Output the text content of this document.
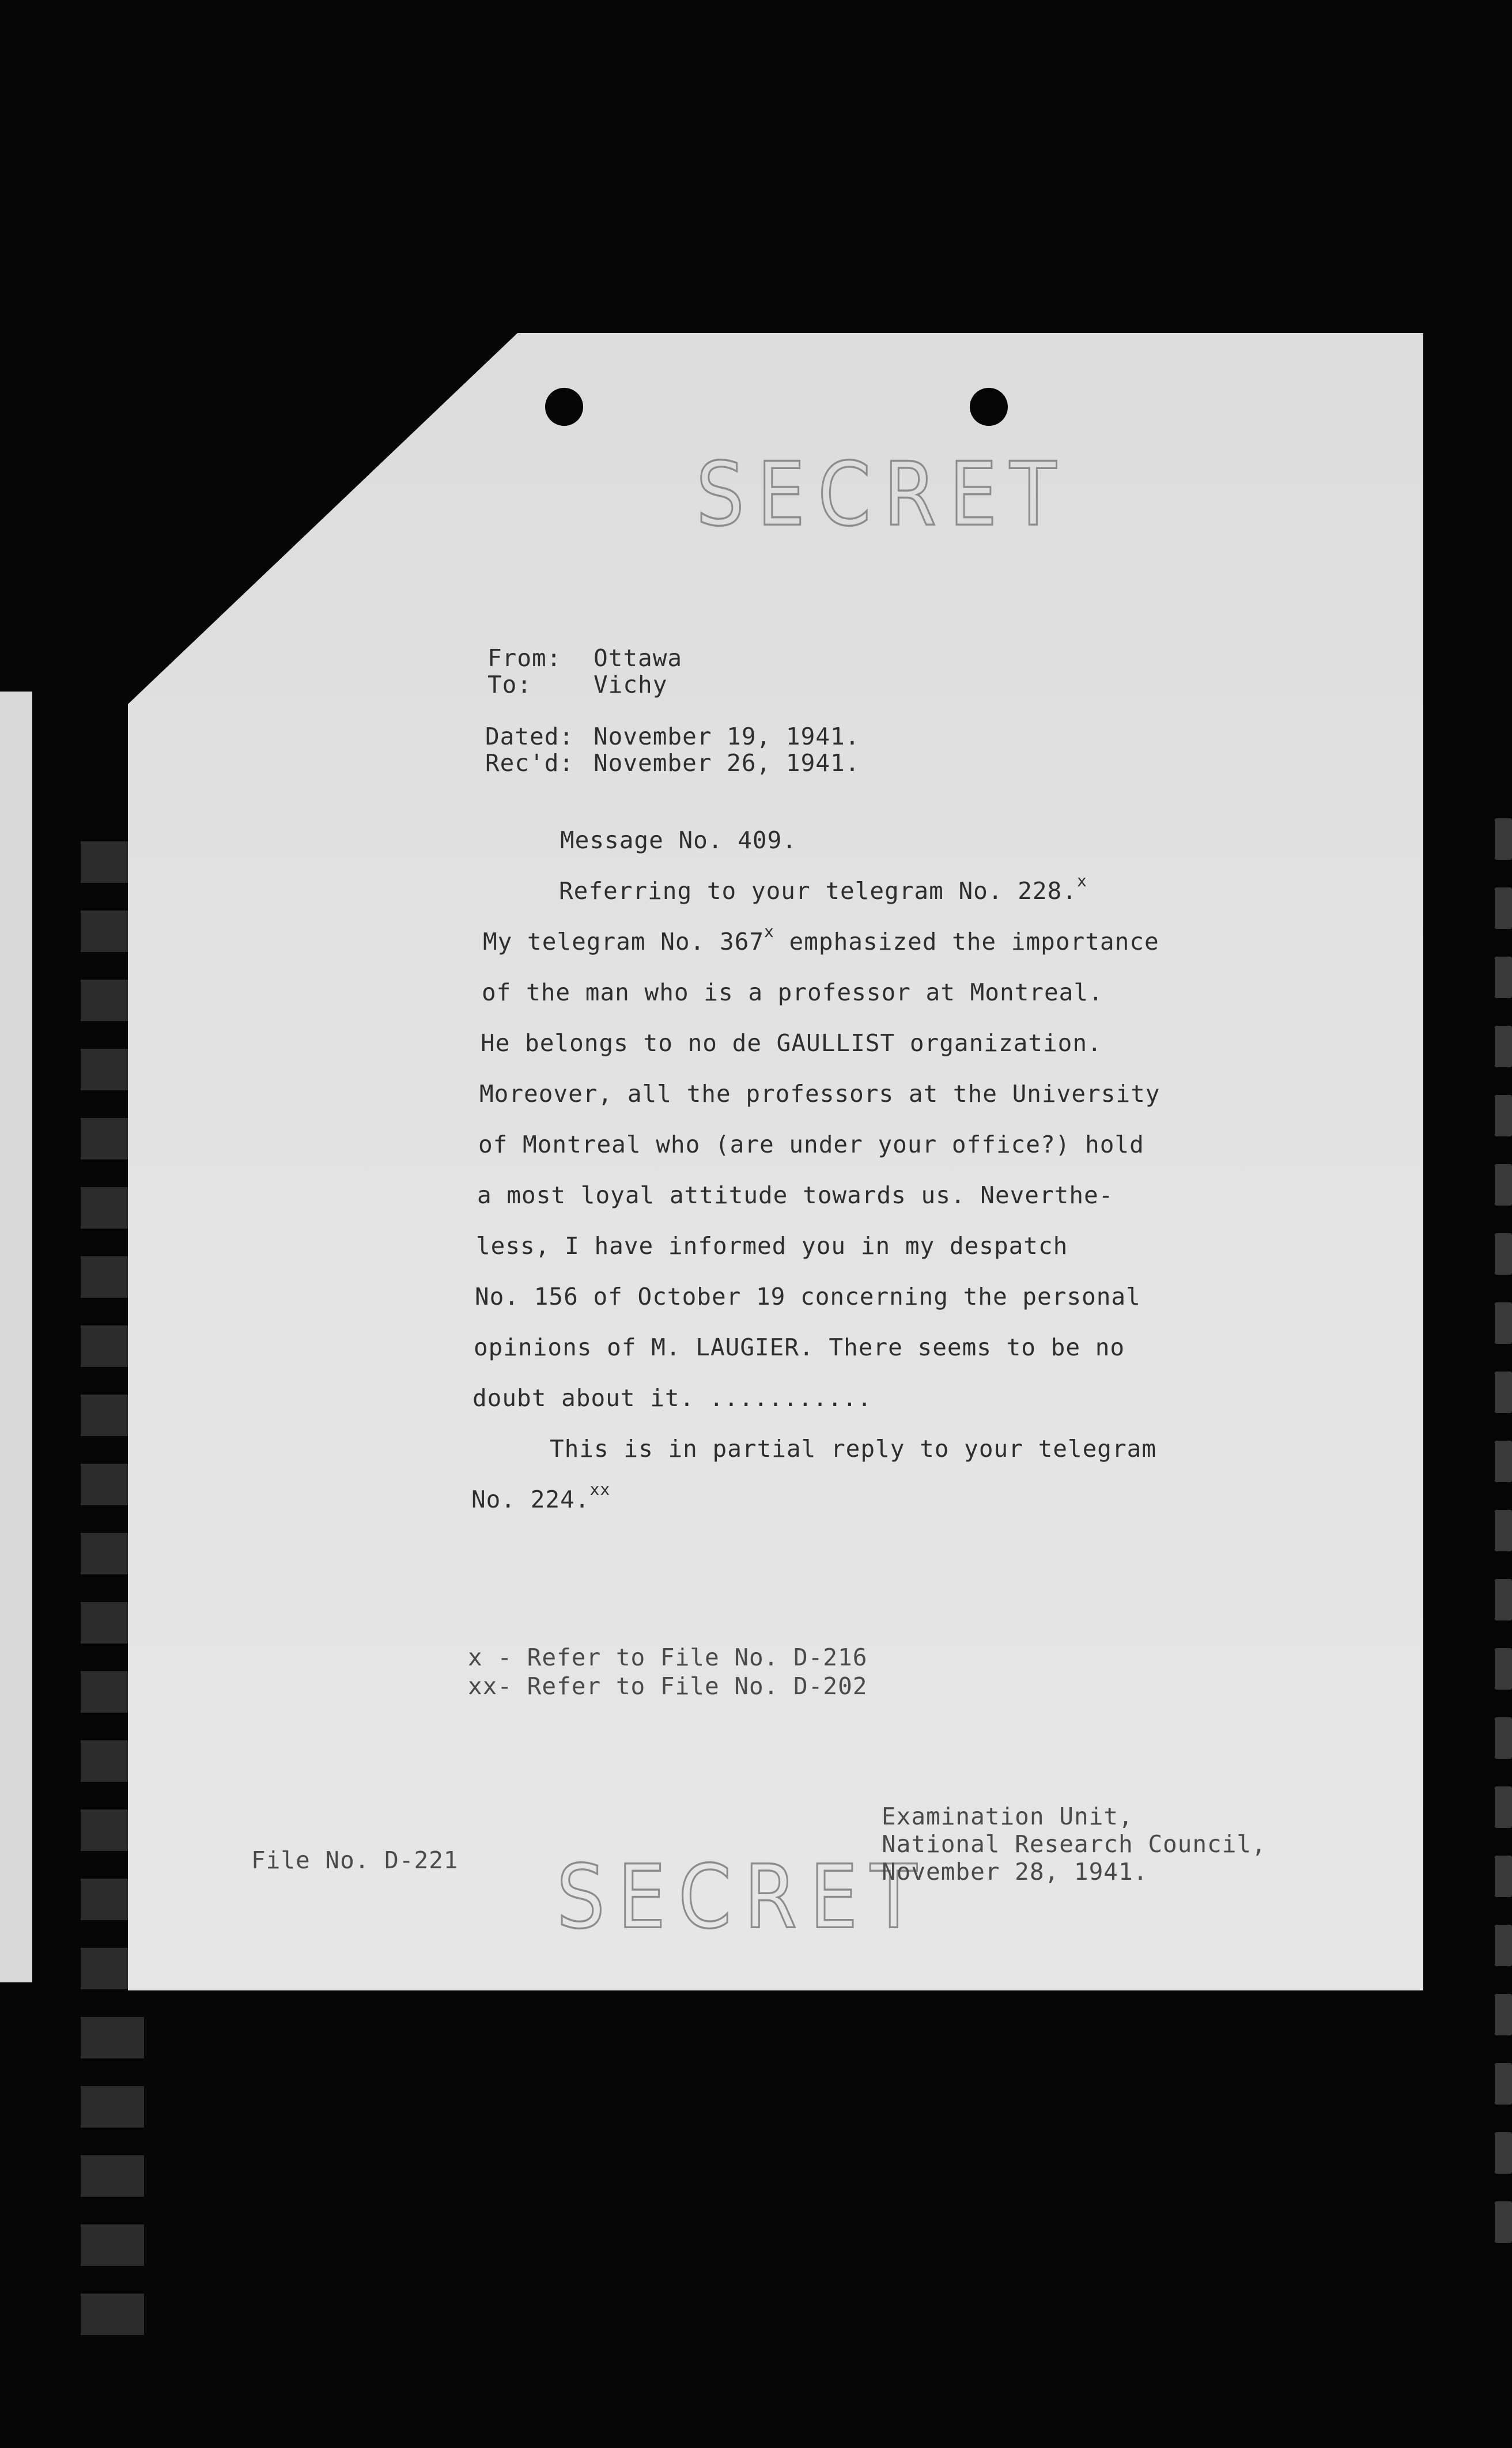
SECRET
From: Ottawa
To:	Vichy
Dated: November 19, 1941.
Rec'd: November 26, 1941.
Message No. 409.
Referring to your telegram No. 228.$^x$
My telegram No. 367$^x$ emphasized the importance
of the man who is a professor at Montreal.
He belongs to no de GAULLIST organization.
Moreover, all the professors at the University
of Montreal who (are under your office?) hold
a most loyal attitude towards us. Neverthe-
less, I have informed you in my despatch
No. 156 of October 19 concerning the personal
opinions of M. LAUGIER. There seems to be no
doubt about it. ...........
This is in partial reply to your telegram
No. 224.$^{xx}$
x - Refer to File No. D-216
xx- Refer to File No. D-202
File No. D-221 SECRET
Examination Unit,
National Research Council,
November 28, 1941.
